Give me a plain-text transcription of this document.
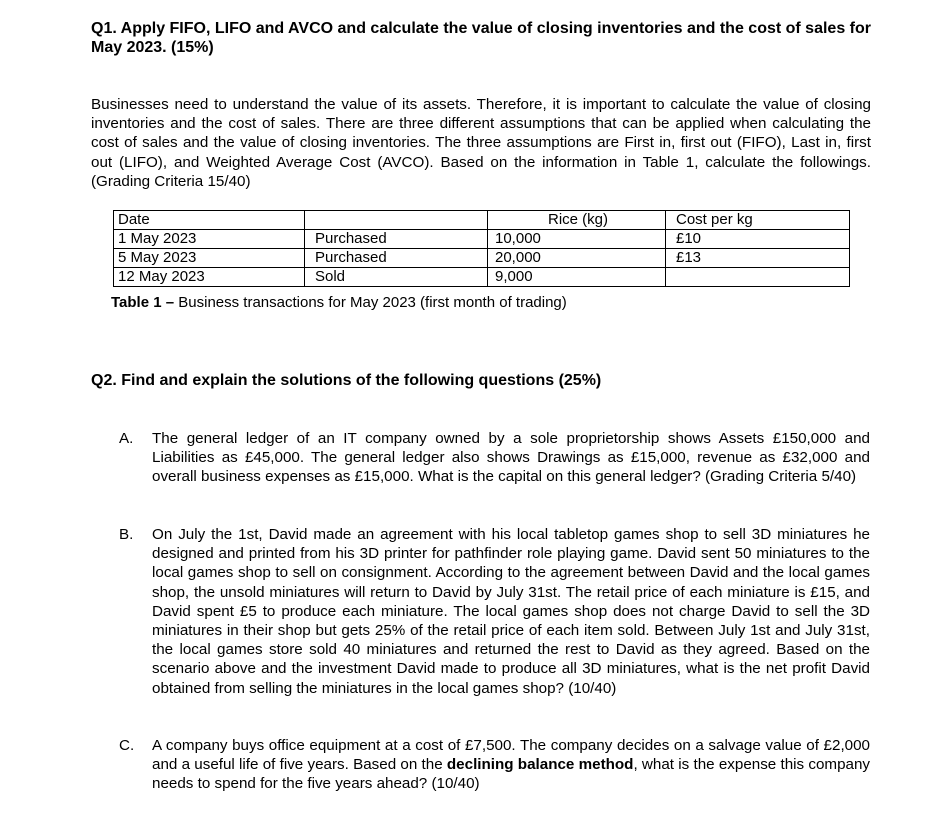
Q1. Apply FIFO, LIFO and AVCO and calculate the value of closing inventories and the cost of sales for May 2023. (15%)

Businesses need to understand the value of its assets. Therefore, it is important to calculate the value of closing inventories and the cost of sales. There are three different assumptions that can be applied when calculating the cost of sales and the value of closing inventories. The three assumptions are First in, first out (FIFO), Last in, first out (LIFO), and Weighted Average Cost (AVCO). Based on the information in Table 1, calculate the followings. (Grading Criteria 15/40)

Date		Rice (kg)	Cost per kg
1 May 2023	Purchased	10,000	£10
5 May 2023	Purchased	20,000	£13
12 May 2023	Sold	9,000	

Table 1 – Business transactions for May 2023 (first month of trading)

Q2. Find and explain the solutions of the following questions (25%)
A. The general ledger of an IT company owned by a sole proprietorship shows Assets £150,000 and Liabilities as £45,000. The general ledger also shows Drawings as £15,000, revenue as £32,000 and overall business expenses as £15,000. What is the capital on this general ledger? (Grading Criteria 5/40)

B. On July the 1st, David made an agreement with his local tabletop games shop to sell 3D miniatures he designed and printed from his 3D printer for pathfinder role playing game. David sent 50 miniatures to the local games shop to sell on consignment. According to the agreement between David and the local games shop, the unsold miniatures will return to David by July 31st. The retail price of each miniature is £15, and David spent £5 to produce each miniature. The local games shop does not charge David to sell the 3D miniatures in their shop but gets 25% of the retail price of each item sold. Between July 1st and July 31st, the local games store sold 40 miniatures and returned the rest to David as they agreed. Based on the scenario above and the investment David made to produce all 3D miniatures, what is the net profit David obtained from selling the miniatures in the local games shop? (10/40)

C. A company buys office equipment at a cost of £7,500. The company decides on a salvage value of £2,000 and a useful life of five years. Based on the declining balance method, what is the expense this company needs to spend for the five years ahead? (10/40)
